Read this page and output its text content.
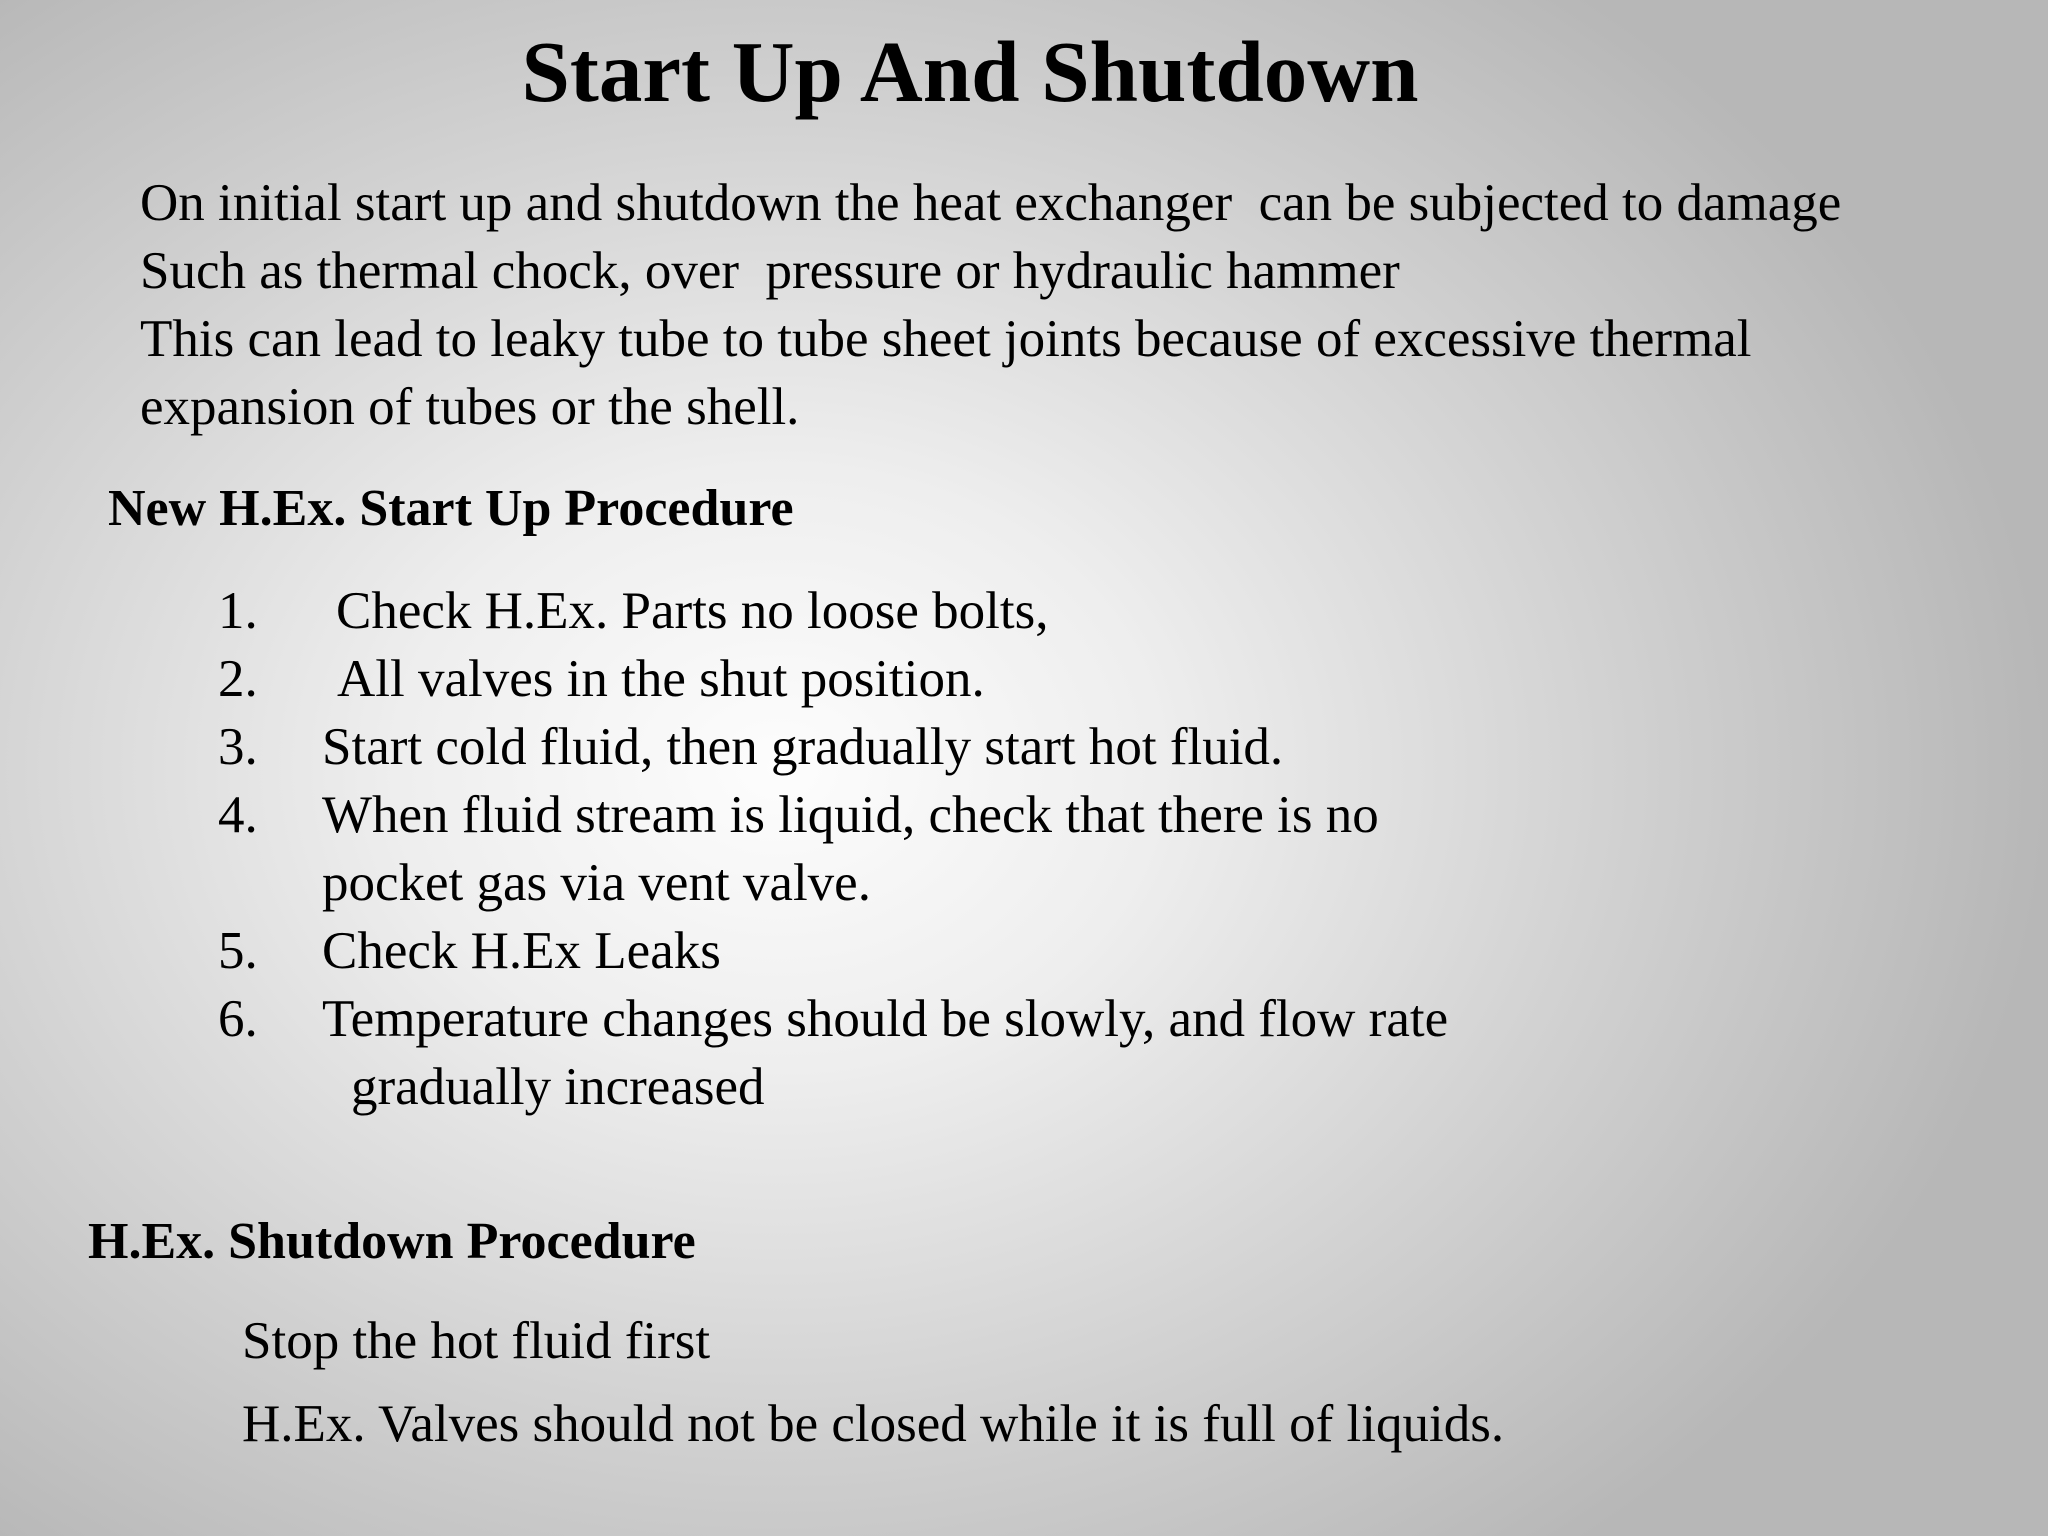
Start Up And Shutdown
On initial start up and shutdown the heat exchanger  can be subjected to damage
Such as thermal chock, over  pressure or hydraulic hammer
This can lead to leaky tube to tube sheet joints because of excessive thermal
expansion of tubes or the shell.
New H.Ex. Start Up Procedure
1. Check H.Ex. Parts no loose bolts,
2. All valves in the shut position.
3. Start cold fluid, then gradually start hot fluid.
4. When fluid stream is liquid, check that there is no
pocket gas via vent valve.
5. Check H.Ex Leaks
6. Temperature changes should be slowly, and flow rate
gradually increased
H.Ex. Shutdown Procedure
Stop the hot fluid first
H.Ex. Valves should not be closed while it is full of liquids.
